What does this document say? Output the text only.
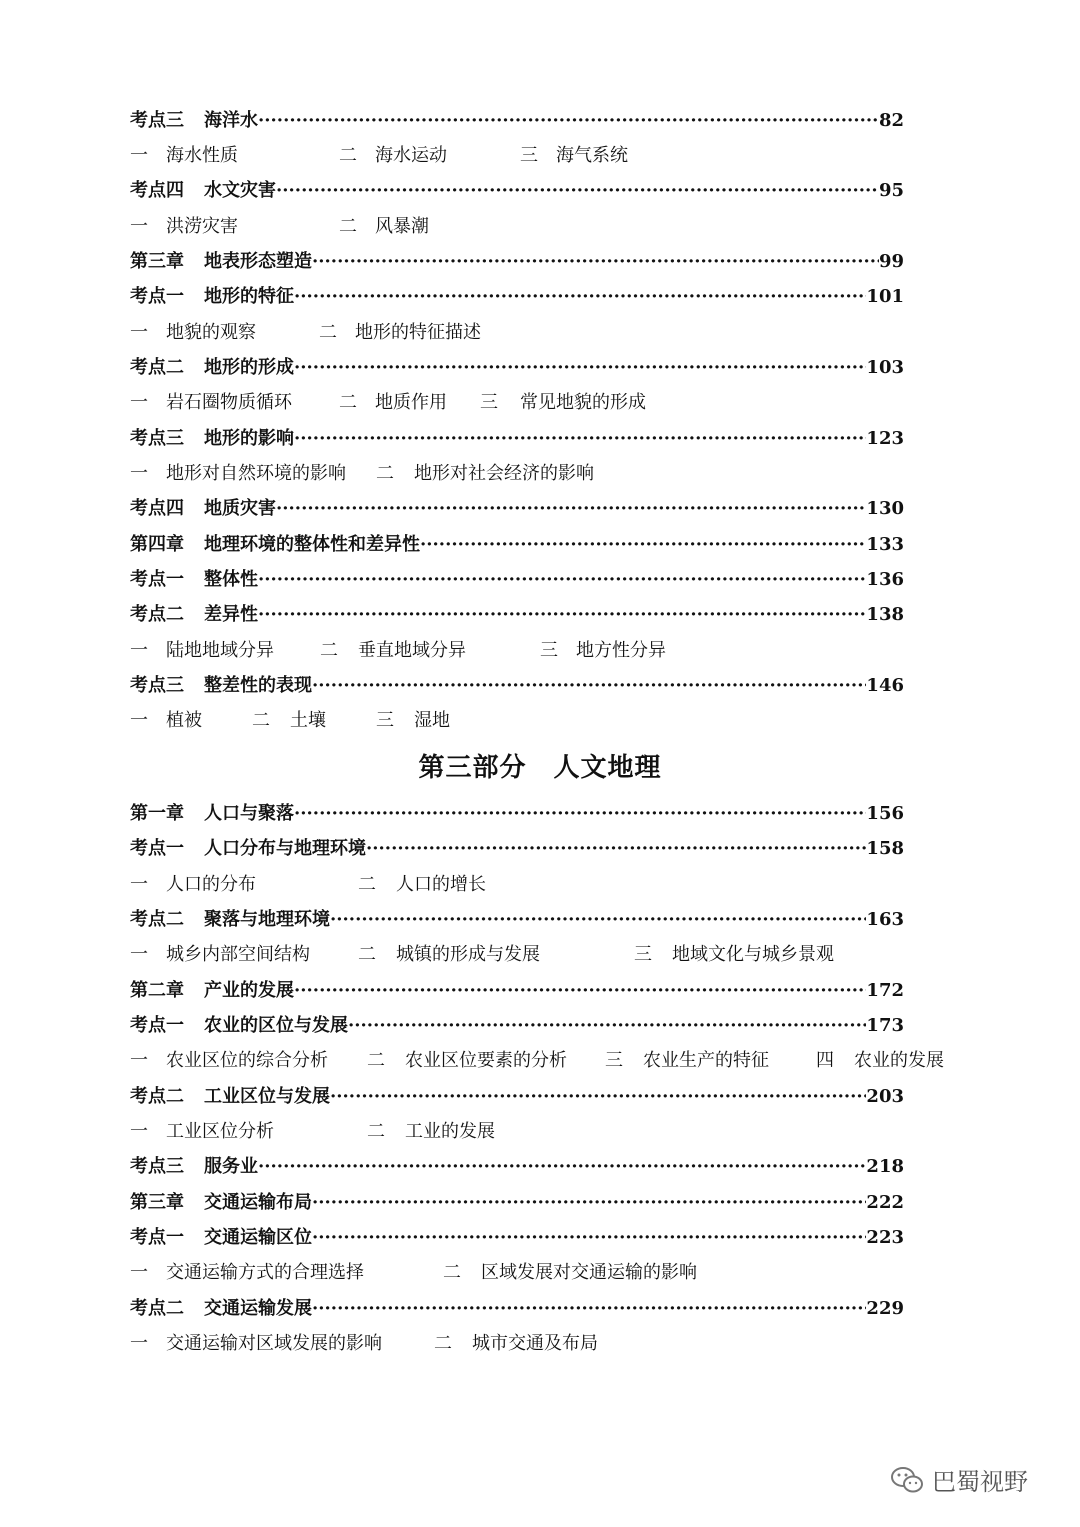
考点三 海洋水 ·····	82
一 海水性质	二 海水运动	三 海气系统
考点四 水文灾害 ·····	95
一 洪涝灾害	二 风暴潮
第三章 地表形态塑造 ·····	99
考点一 地形的特征 ·····	101
一 地貌的观察	二 地形的特征描述
考点二 地形的形成 ·····	103
一 岩石圈物质循环	二 地质作用 三 常见地貌的形成
考点三 地形的影响 ·····	123
一 地形对自然环境的影响 二 地形对社会经济的影响
考点四 地质灾害 ·····	130
第四章 地理环境的整体性和差异性 ·····	133
考点一 整体性 ·····	136
考点二 差异性 ·····	138
一 陆地地域分异	二 垂直地域分异	三 地方性分异
考点三 整差性的表现 ·····	146
一 植被	二 土壤	三 湿地
第一章 人口与聚落 ·····	156
考点一 人口分布与地理环境 ·····	158
一 人口的分布	二 人口的增长
考点二 聚落与地理环境 ·····	163
一 城乡内部空间结构	二 城镇的形成与发展	三 地域文化与城乡景观
第二章 产业的发展 ·····	172
考点一 农业的区位与发展 ·····	173
一 农业区位的综合分析 二 农业区位要素的分析 三 农业生产的特征	四 农业的发展
考点二 工业区位与发展 ·····	203
一 工业区位分析	二 工业的发展
考点三 服务业 ·····	218
第三章 交通运输布局 ·····	222
考点一 交通运输区位 ·····	223
一 交通运输方式的合理选择	二 区域发展对交通运输的影响
考点二 交通运输发展 ·····	229
一 交通运输对区域发展的影响	二 城市交通及布局
第三部分　人文地理
巴蜀视野
